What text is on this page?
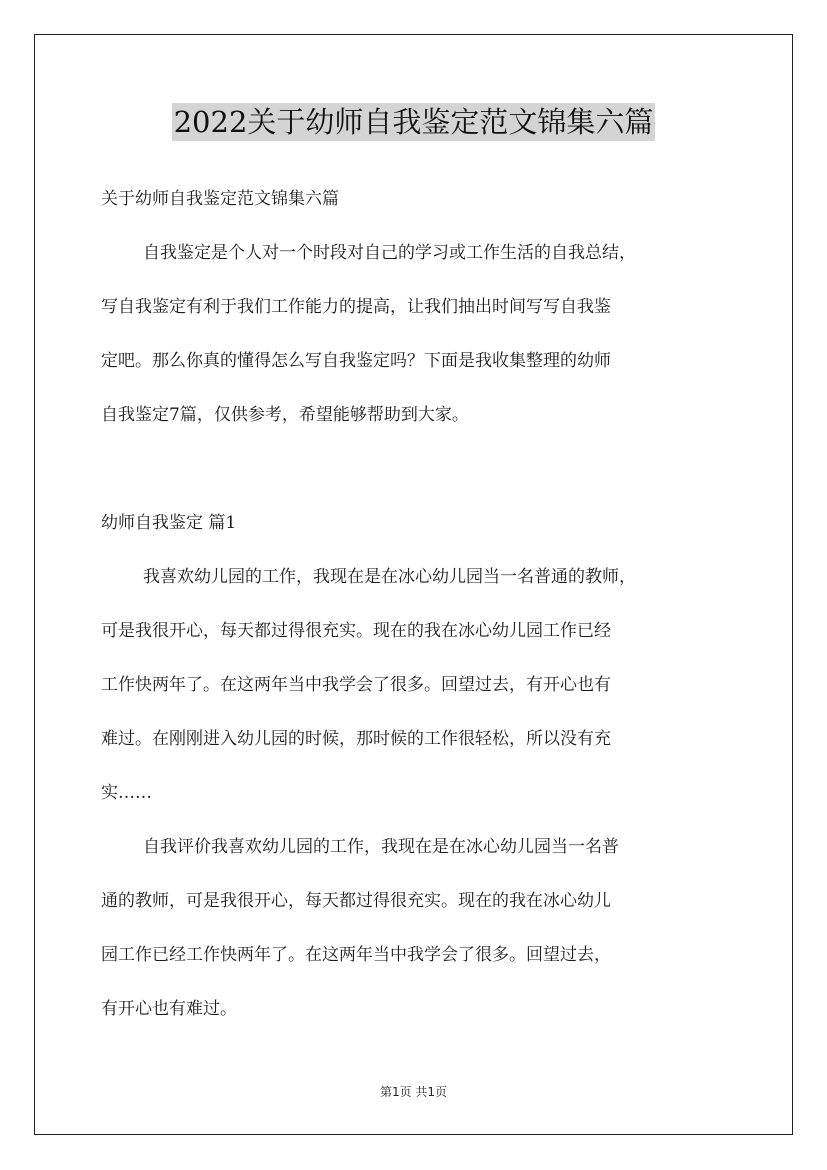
2022关于幼师自我鉴定范文锦集六篇
关于幼师自我鉴定范文锦集六篇
自我鉴定是个人对一个时段对自己的学习或工作生活的自我总结，
写自我鉴定有利于我们工作能力的提高，让我们抽出时间写写自我鉴
定吧。那么你真的懂得怎么写自我鉴定吗？下面是我收集整理的幼师
自我鉴定7篇，仅供参考，希望能够帮助到大家。
幼师自我鉴定 篇1
我喜欢幼儿园的工作，我现在是在冰心幼儿园当一名普通的教师，
可是我很开心，每天都过得很充实。现在的我在冰心幼儿园工作已经
工作快两年了。在这两年当中我学会了很多。回望过去，有开心也有
难过。在刚刚进入幼儿园的时候，那时候的工作很轻松，所以没有充
实……
自我评价我喜欢幼儿园的工作，我现在是在冰心幼儿园当一名普
通的教师，可是我很开心，每天都过得很充实。现在的我在冰心幼儿
园工作已经工作快两年了。在这两年当中我学会了很多。回望过去，
有开心也有难过。
第1页 共1页
